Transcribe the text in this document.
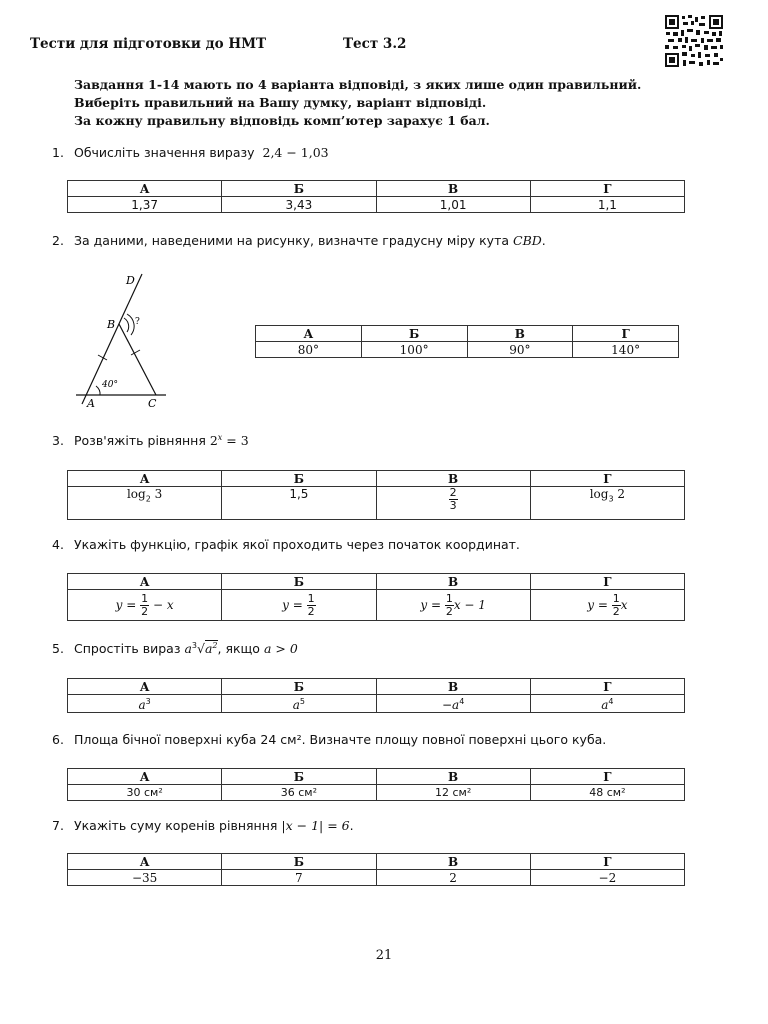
Тести для підготовки до НМТ	Тест 3.2
Завдання 1-14 мають по 4 варіанта відповіді, з яких лише один правильний.
Виберіть правильний на Вашу думку, варіант відповіді.
За кожну правильну відповідь комп’ютер зарахує 1 бал.
1. Обчисліть значення виразу 2,4 − 1,03
А	Б	В	Г
1,37	3,43	1,01	1,1
2. За даними, наведеними на рисунку, визначте градусну міру кута CBD.
D
B ?
40°
A	C
А	Б	В	Г
80°	100°	90°	140°
3. Розв'яжіть рівняння $2^x = 3$
А	Б	В	Г
$\log_2 3$	1,5	$\frac{2}{3}$	$\log_3 2$
4. Укажіть функцію, графік якої проходить через початок координат.
А	Б	В	Г
$y = \frac{1}{2} - x$	$y = \frac{1}{2}$	$y = \frac{1}{2}$ x − 1	$y = \frac{1}{2}$ x
5. Спростіть вираз $a^3√a^2$, якщо a > 0
А	Б	В	Г
$a^3$	$a^5$	$-a^4$	$a^4$
6. Площа бічної поверхні куба 24 см². Визначте площу повної поверхні цього куба.
А	Б	В	Г
30 см²	36 см²	12 см²	48 см²
7. Укажіть суму коренів рівняння |x − 1| = 6.
А	Б	В	Г
−35	7	2	−2
21
